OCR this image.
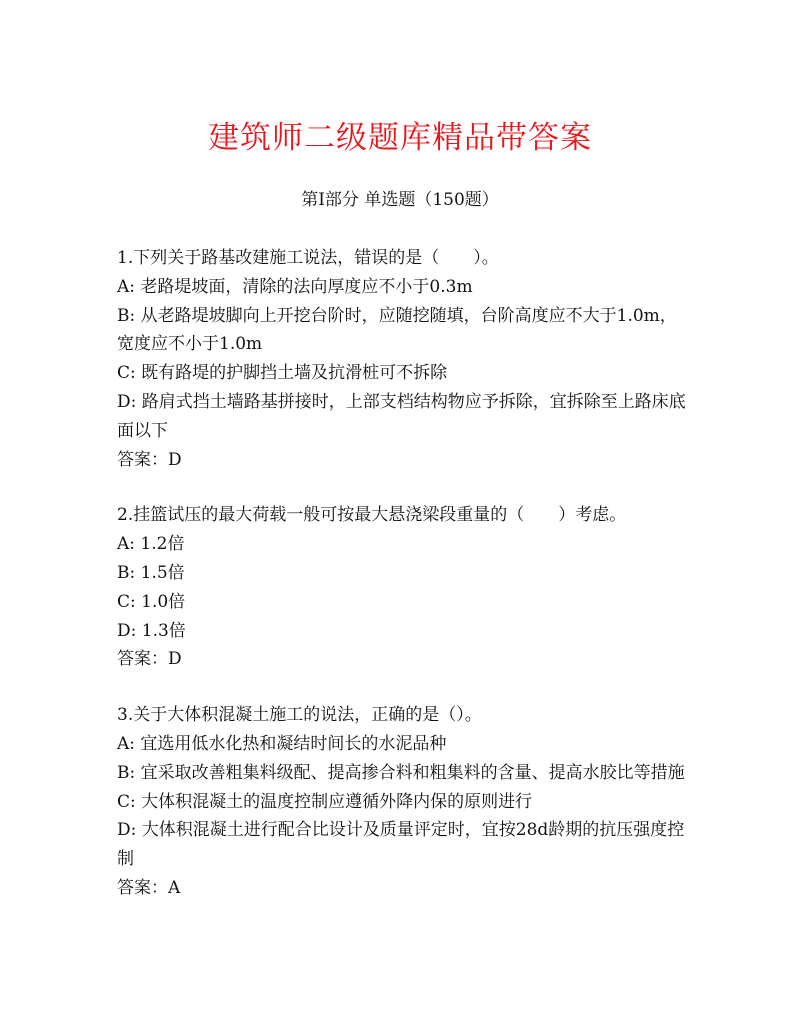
建筑师二级题库精品带答案
第Ⅰ部分 单选题（150题）
1.下列关于路基改建施工说法，错误的是（　　）。
A: 老路堤坡面，清除的法向厚度应不小于0.3m
B: 从老路堤坡脚向上开挖台阶时，应随挖随填，台阶高度应不大于1.0m，宽度应不小于1.0m
C: 既有路堤的护脚挡土墙及抗滑桩可不拆除
D: 路肩式挡土墙路基拼接时，上部支档结构物应予拆除，宜拆除至上路床底面以下
答案：D
2.挂篮试压的最大荷载一般可按最大悬浇梁段重量的（　　）考虑。
A: 1.2倍
B: 1.5倍
C: 1.0倍
D: 1.3倍
答案：D
3.关于大体积混凝土施工的说法，正确的是（）。
A: 宜选用低水化热和凝结时间长的水泥品种
B: 宜采取改善粗集料级配、提高掺合料和粗集料的含量、提高水胶比等措施
C: 大体积混凝土的温度控制应遵循外降内保的原则进行
D: 大体积混凝土进行配合比设计及质量评定时，宜按28d龄期的抗压强度控制
答案：A
